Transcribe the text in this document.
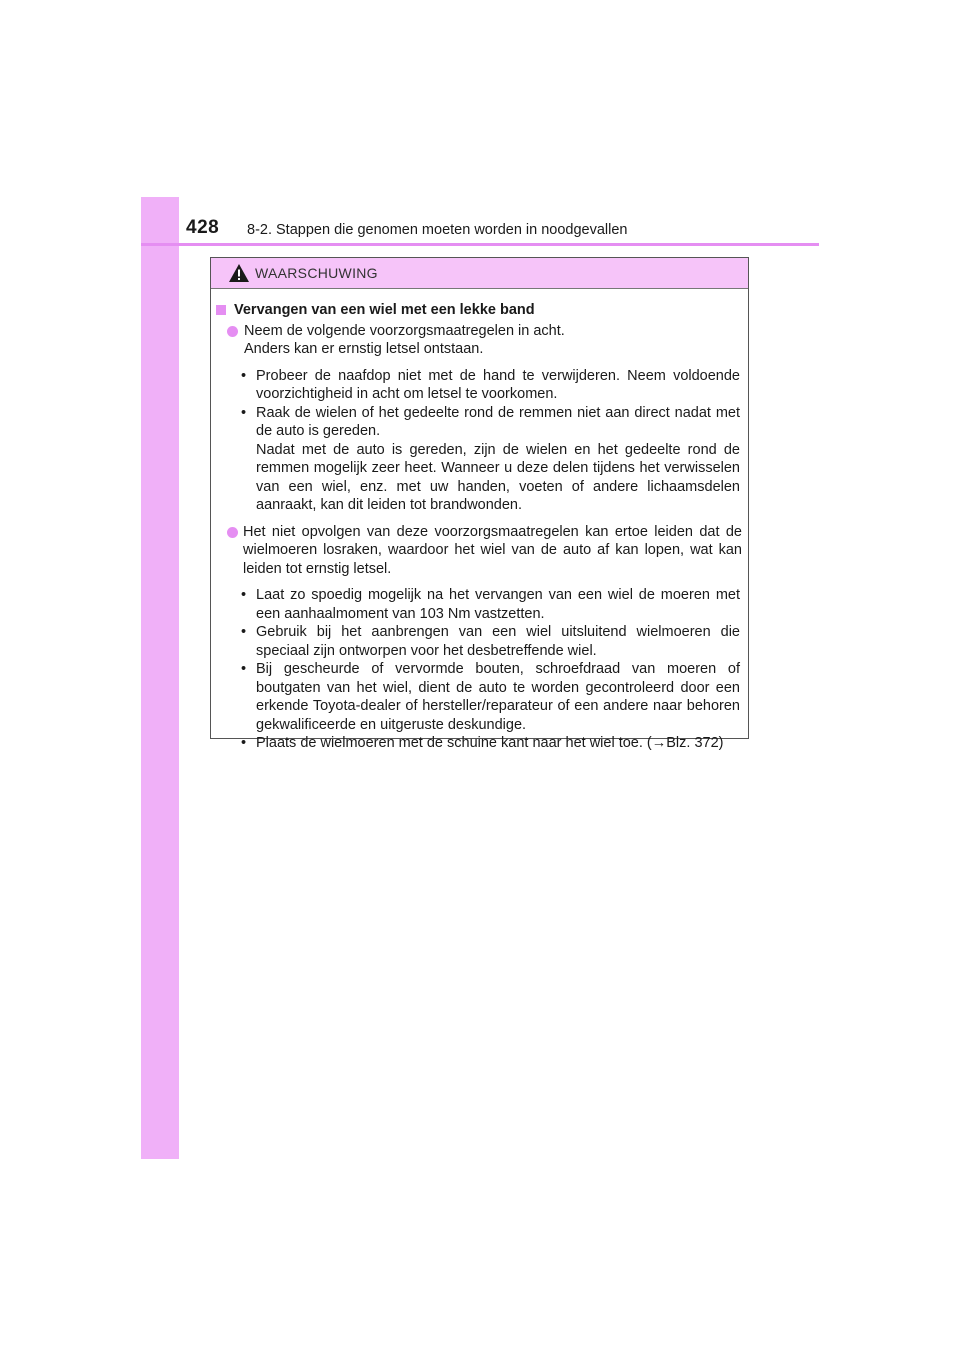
428 8-2. Stappen die genomen moeten worden in noodgevallen
WAARSCHUWING
Vervangen van een wiel met een lekke band
Neem de volgende voorzorgsmaatregelen in acht.
Anders kan er ernstig letsel ontstaan.
• Probeer de naafdop niet met de hand te verwijderen. Neem voldoende voorzichtigheid in acht om letsel te voorkomen.
• Raak de wielen of het gedeelte rond de remmen niet aan direct nadat met de auto is gereden.
Nadat met de auto is gereden, zijn de wielen en het gedeelte rond de remmen mogelijk zeer heet. Wanneer u deze delen tijdens het verwisselen van een wiel, enz. met uw handen, voeten of andere lichaamsdelen aanraakt, kan dit leiden tot brandwonden.
Het niet opvolgen van deze voorzorgsmaatregelen kan ertoe leiden dat de wielmoeren losraken, waardoor het wiel van de auto af kan lopen, wat kan leiden tot ernstig letsel.
• Laat zo spoedig mogelijk na het vervangen van een wiel de moeren met een aanhaalmoment van 103 Nm vastzetten.
• Gebruik bij het aanbrengen van een wiel uitsluitend wielmoeren die speciaal zijn ontworpen voor het desbetreffende wiel.
• Bij gescheurde of vervormde bouten, schroefdraad van moeren of boutgaten van het wiel, dient de auto te worden gecontroleerd door een erkende Toyota-dealer of hersteller/reparateur of een andere naar behoren gekwalificeerde en uitgeruste deskundige.
• Plaats de wielmoeren met de schuine kant naar het wiel toe. (→Blz. 372)
